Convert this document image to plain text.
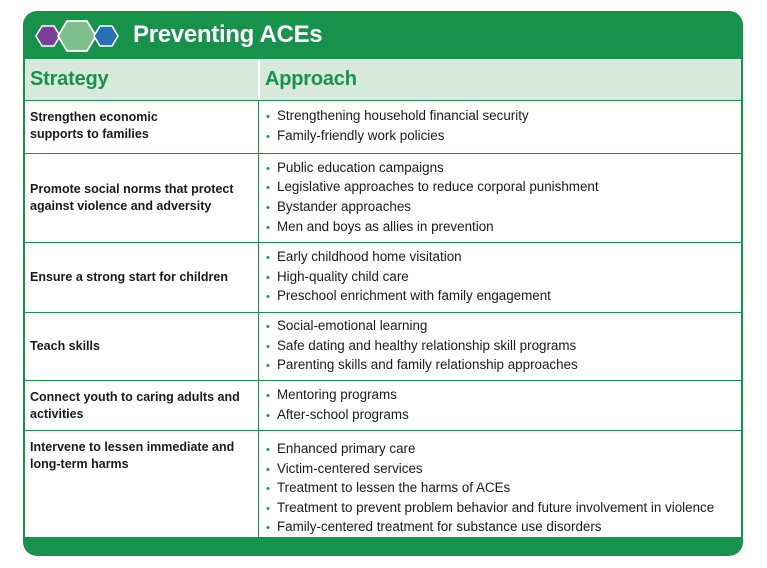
Preventing ACEs
Strategy	Approach
Strengthen economic supports to families
• Strengthening household financial security
• Family-friendly work policies
Promote social norms that protect against violence and adversity
• Public education campaigns
• Legislative approaches to reduce corporal punishment
• Bystander approaches
• Men and boys as allies in prevention
Ensure a strong start for children
• Early childhood home visitation
• High-quality child care
• Preschool enrichment with family engagement
Teach skills
• Social-emotional learning
• Safe dating and healthy relationship skill programs
• Parenting skills and family relationship approaches
Connect youth to caring adults and activities
• Mentoring programs
• After-school programs
Intervene to lessen immediate and long-term harms
• Enhanced primary care
• Victim-centered services
• Treatment to lessen the harms of ACEs
• Treatment to prevent problem behavior and future involvement in violence
• Family-centered treatment for substance use disorders
